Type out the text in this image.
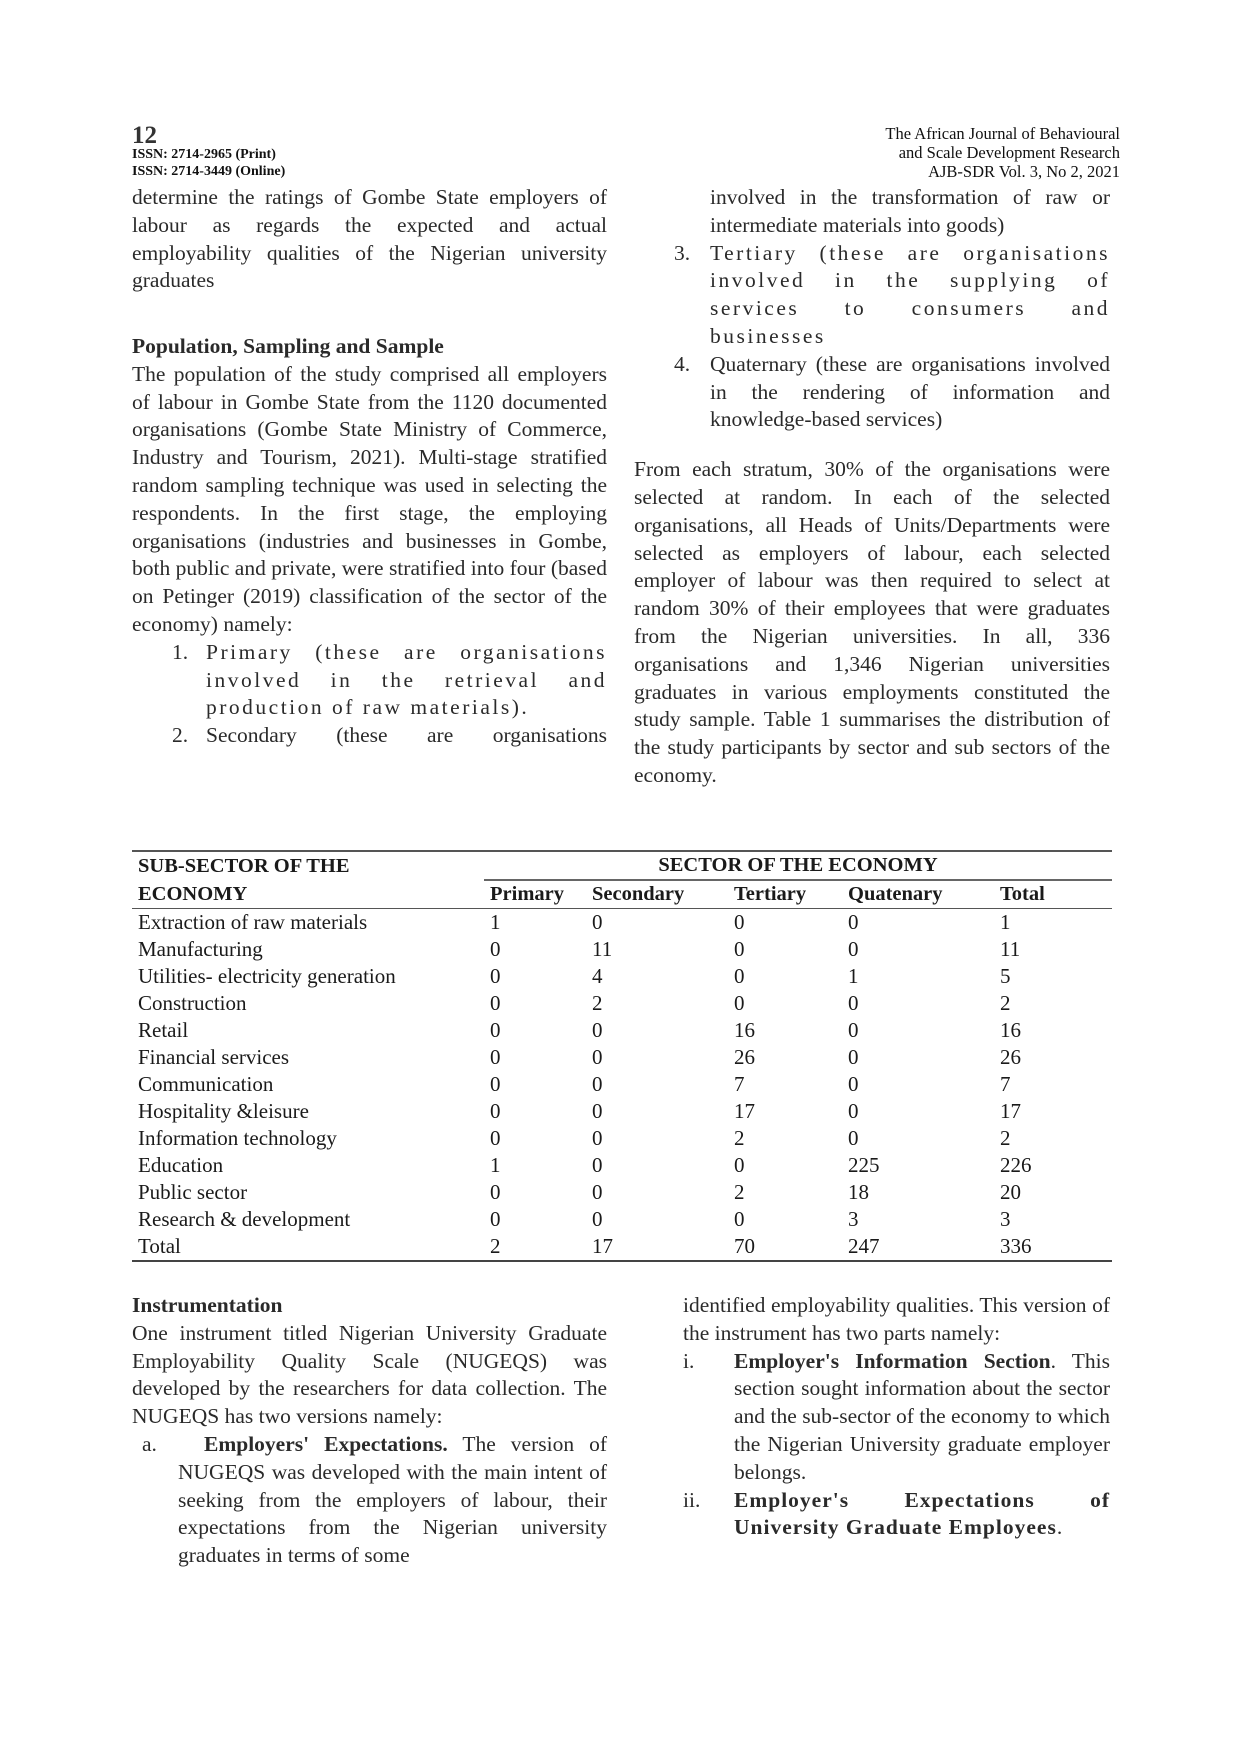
12
ISSN: 2714-2965 (Print)
ISSN: 2714-3449 (Online)
The African Journal of Behavioural
and Scale Development Research
AJB-SDR Vol. 3, No 2, 2021

determine the ratings of Gombe State employers of labour as regards the expected and actual employability qualities of the Nigerian university graduates

Population, Sampling and Sample

The population of the study comprised all employers of labour in Gombe State from the 1120 documented organisations (Gombe State Ministry of Commerce, Industry and Tourism, 2021). Multi-stage stratified random sampling technique was used in selecting the respondents. In the first stage, the employing organisations (industries and businesses in Gombe, both public and private, were stratified into four (based on Petinger (2019) classification of the sector of the economy) namely:

1. Primary (these are organisations involved in the retrieval and production of raw materials).

2. Secondary (these are organisations

involved in the transformation of raw or intermediate materials into goods)

3. Tertiary (these are organisations involved in the supplying of services to consumers and businesses

4. Quaternary (these are organisations involved in the rendering of information and knowledge-based services)

From each stratum, 30% of the organisations were selected at random. In each of the selected organisations, all Heads of Units/Departments were selected as employers of labour, each selected employer of labour was then required to select at random 30% of their employees that were graduates from the Nigerian universities. In all, 336 organisations and 1,346 Nigerian universities graduates in various employments constituted the study sample. Table 1 summarises the distribution of the study participants by sector and sub sectors of the economy.

SUB-SECTOR OF THE	SECTOR OF THE ECONOMY				
ECONOMY	Primary	Secondary	Tertiary	Quatenary	Total
Extraction of raw materials	1	0	0	0	1
Manufacturing	0	11	0	0	11
Utilities- electricity generation	0	4	0	1	5
Construction	0	2	0	0	2
Retail	0	0	16	0	16
Financial services	0	0	26	0	26
Communication	0	0	7	0	7
Hospitality &leisure	0	0	17	0	17
Information technology	0	0	2	0	2
Education	1	0	0	225	226
Public sector	0	0	2	18	20
Research & development	0	0	0	3	3
Total	2	17	70	247	336

Instrumentation

One instrument titled Nigerian University Graduate Employability Quality Scale (NUGEQS) was developed by the researchers for data collection. The NUGEQS has two versions namely:

a.	Employers' Expectations. The version of NUGEQS was developed with the main intent of seeking from the employers of labour, their expectations from the Nigerian university graduates in terms of some

identified employability qualities. This version of the instrument has two parts namely:

i.	Employer's Information Section. This section sought information about the sector and the sub-sector of the economy to which the Nigerian University graduate employer belongs.

ii.	Employer's Expectations of University Graduate Employees.
